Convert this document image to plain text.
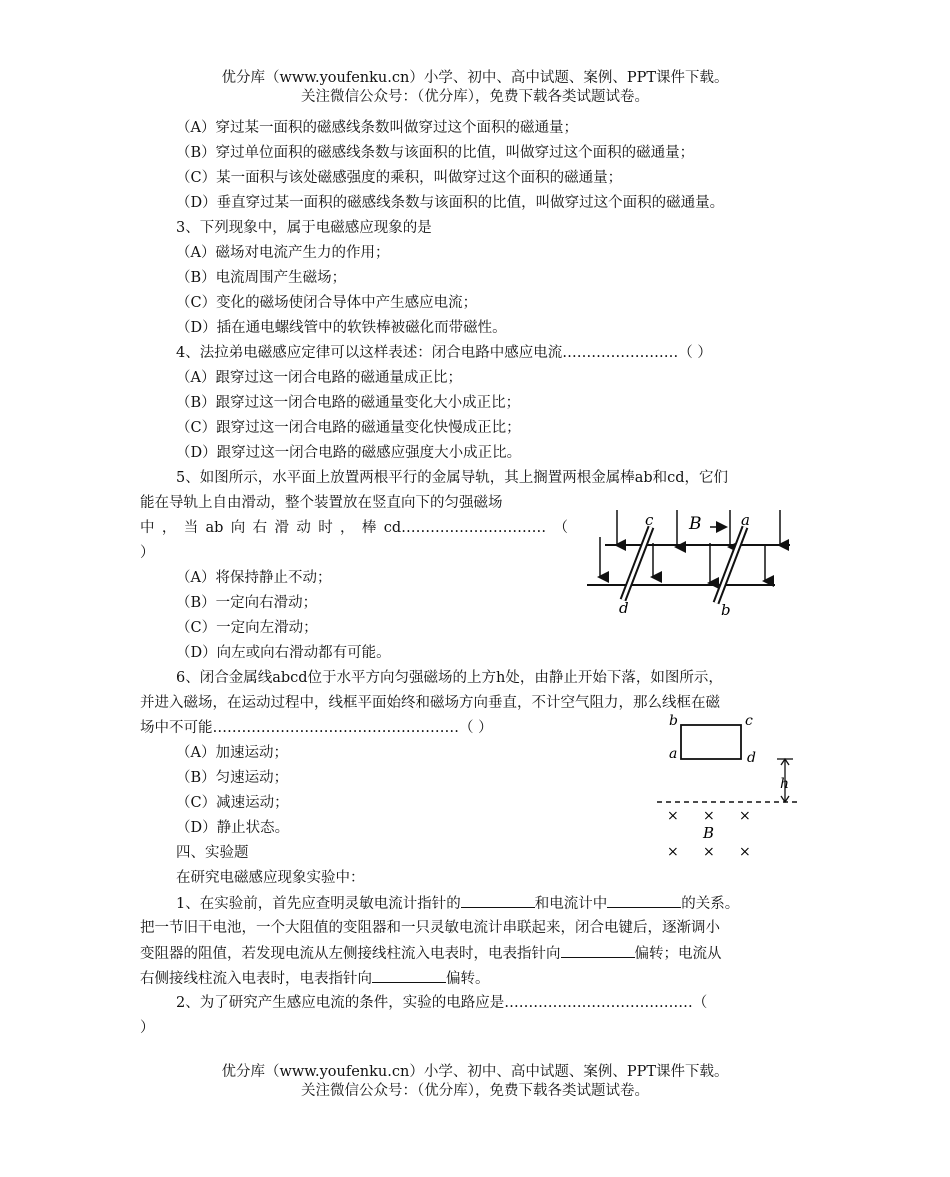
优分库（www.youfenku.cn）小学、初中、高中试题、案例、PPT课件下载。
关注微信公众号：（优分库），免费下载各类试题试卷。
（A）穿过某一面积的磁感线条数叫做穿过这个面积的磁通量；
（B）穿过单位面积的磁感线条数与该面积的比值，叫做穿过这个面积的磁通量；
（C）某一面积与该处磁感强度的乘积，叫做穿过这个面积的磁通量；
（D）垂直穿过某一面积的磁感线条数与该面积的比值，叫做穿过这个面积的磁通量。
3、下列现象中，属于电磁感应现象的是
（A）磁场对电流产生力的作用；
（B）电流周围产生磁场；
（C）变化的磁场使闭合导体中产生感应电流；
（D）插在通电螺线管中的软铁棒被磁化而带磁性。
4、法拉弟电磁感应定律可以这样表述：闭合电路中感应电流……………………（ ）
（A）跟穿过这一闭合电路的磁通量成正比；
（B）跟穿过这一闭合电路的磁通量变化大小成正比；
（C）跟穿过这一闭合电路的磁通量变化快慢成正比；
（D）跟穿过这一闭合电路的磁感应强度大小成正比。
5、如图所示，水平面上放置两根平行的金属导轨，其上搁置两根金属棒ab和cd，它们
能在导轨上自由滑动，整个装置放在竖直向下的匀强磁场
中，当ab向右滑动时，棒cd…………………………（
）
（A）将保持静止不动；
（B）一定向右滑动；
（C）一定向左滑动；
（D）向左或向右滑动都有可能。
c B	a
d	b
6、闭合金属线abcd位于水平方向匀强磁场的上方h处，由静止开始下落，如图所示，
并进入磁场，在运动过程中，线框平面始终和磁场方向垂直，不计空气阻力，那么线框在磁
场中不可能……………………………………………（ ）
（A）加速运动；
（B）匀速运动；
（C）减速运动；
（D）静止状态。
b	c
a	d
h
× × ×
B
× × ×
四、实验题
在研究电磁感应现象实验中：
1、在实验前，首先应查明灵敏电流计指针的	和电流计中	的关系。
把一节旧干电池，一个大阻值的变阻器和一只灵敏电流计串联起来，闭合电键后，逐渐调小
变阻器的阻值，若发现电流从左侧接线柱流入电表时，电表指针向	偏转；电流从
右侧接线柱流入电表时，电表指针向	偏转。
2、为了研究产生感应电流的条件，实验的电路应是…………………………………（
）
优分库（www.youfenku.cn）小学、初中、高中试题、案例、PPT课件下载。
关注微信公众号：（优分库），免费下载各类试题试卷。
